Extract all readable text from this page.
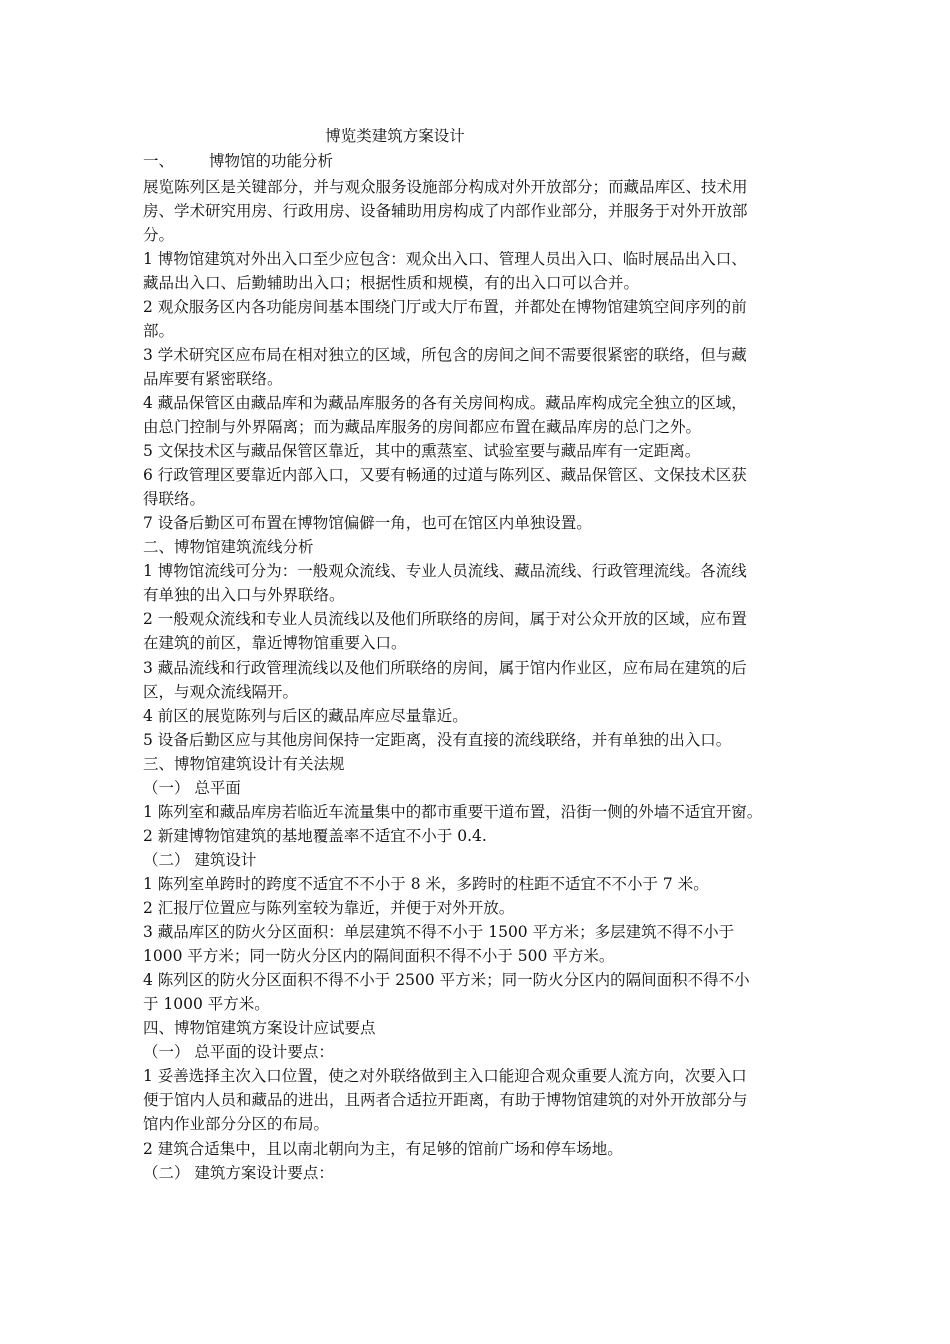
博览类建筑方案设计
一、 博物馆的功能分析
展览陈列区是关键部分，并与观众服务设施部分构成对外开放部分；而藏品库区、技术用
房、学术研究用房、行政用房、设备辅助用房构成了内部作业部分，并服务于对外开放部
分。
1 博物馆建筑对外出入口至少应包含：观众出入口、管理人员出入口、临时展品出入口、
藏品出入口、后勤辅助出入口；根据性质和规模，有的出入口可以合并。
2 观众服务区内各功能房间基本围绕门厅或大厅布置，并都处在博物馆建筑空间序列的前
部。
3 学术研究区应布局在相对独立的区域，所包含的房间之间不需要很紧密的联络，但与藏
品库要有紧密联络。
4 藏品保管区由藏品库和为藏品库服务的各有关房间构成。藏品库构成完全独立的区域，
由总门控制与外界隔离；而为藏品库服务的房间都应布置在藏品库房的总门之外。
5 文保技术区与藏品保管区靠近，其中的熏蒸室、试验室要与藏品库有一定距离。
6 行政管理区要靠近内部入口，又要有畅通的过道与陈列区、藏品保管区、文保技术区获
得联络。
7 设备后勤区可布置在博物馆偏僻一角，也可在馆区内单独设置。
二、博物馆建筑流线分析
1 博物馆流线可分为：一般观众流线、专业人员流线、藏品流线、行政管理流线。各流线
有单独的出入口与外界联络。
2 一般观众流线和专业人员流线以及他们所联络的房间，属于对公众开放的区域，应布置
在建筑的前区，靠近博物馆重要入口。
3 藏品流线和行政管理流线以及他们所联络的房间，属于馆内作业区，应布局在建筑的后
区，与观众流线隔开。
4 前区的展览陈列与后区的藏品库应尽量靠近。
5 设备后勤区应与其他房间保持一定距离，没有直接的流线联络，并有单独的出入口。
三、博物馆建筑设计有关法规
（一） 总平面
1 陈列室和藏品库房若临近车流量集中的都市重要干道布置，沿街一侧的外墙不适宜开窗。
2 新建博物馆建筑的基地覆盖率不适宜不小于 0.4.
（二） 建筑设计
1 陈列室单跨时的跨度不适宜不不小于 8 米，多跨时的柱距不适宜不不小于 7 米。
2 汇报厅位置应与陈列室较为靠近，并便于对外开放。
3 藏品库区的防火分区面积：单层建筑不得不小于 1500 平方米；多层建筑不得不小于
1000 平方米；同一防火分区内的隔间面积不得不小于 500 平方米。
4 陈列区的防火分区面积不得不小于 2500 平方米；同一防火分区内的隔间面积不得不小
于 1000 平方米。
四、博物馆建筑方案设计应试要点
（一） 总平面的设计要点：
1 妥善选择主次入口位置，使之对外联络做到主入口能迎合观众重要人流方向，次要入口
便于馆内人员和藏品的进出，且两者合适拉开距离，有助于博物馆建筑的对外开放部分与
馆内作业部分分区的布局。
2 建筑合适集中，且以南北朝向为主，有足够的馆前广场和停车场地。
（二） 建筑方案设计要点：
